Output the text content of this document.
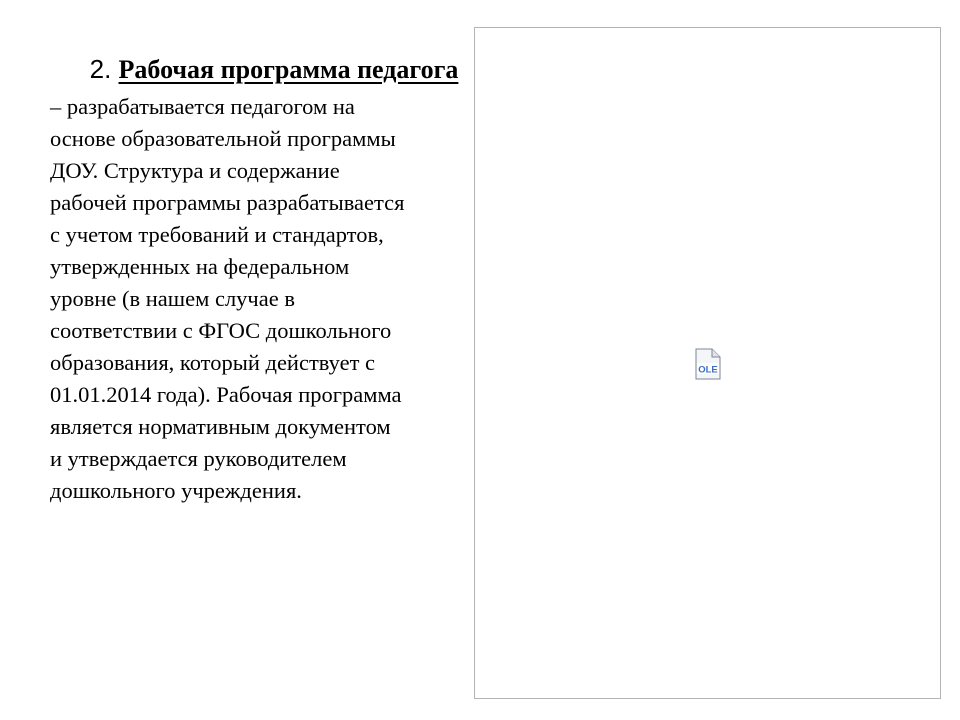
2. Рабочая программа педагога

– разрабатывается педагогом на
основе образовательной программы
ДОУ. Структура и содержание
рабочей программы разрабатывается
с учетом требований и стандартов,
утвержденных на федеральном
уровне (в нашем случае в
соответствии с ФГОС дошкольного
образования, который действует с
01.01.2014 года). Рабочая программа
является нормативным документом
и утверждается руководителем
дошкольного учреждения.

OLE
